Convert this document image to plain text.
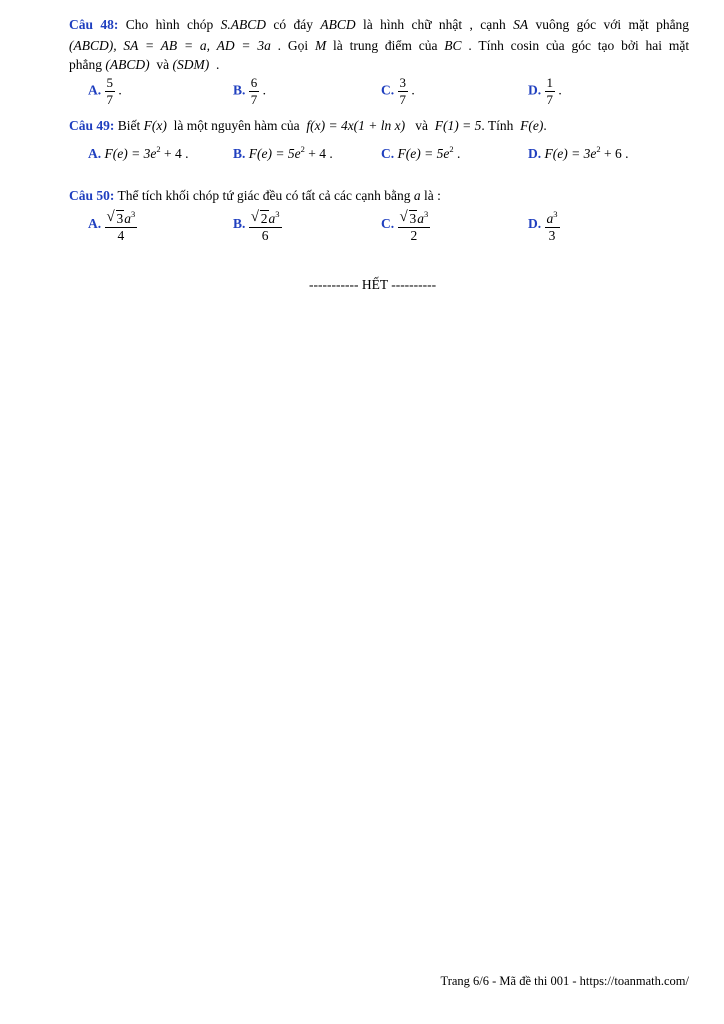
Câu 48: Cho hình chóp S.ABCD có đáy ABCD là hình chữ nhật , cạnh SA vuông góc với mặt phẳng
(ABCD), SA = AB = a, AD = 3a . Gọi M là trung điểm của BC . Tính cosin của góc tạo bởi hai mặt
phẳng (ABCD) và (SDM) .
A. $\frac{5}{7}$ .	B. $\frac{6}{7}$ .	C. $\frac{3}{7}$ .	D. $\frac{1}{7}$ .
Câu 49: Biết F(x) là một nguyên hàm của f(x) = 4x(1 + ln x) và F(1) = 5. Tính F(e).
A. $F(e) = 3e^2 + 4$ .	B. $F(e) = 5e^2 + 4$ .	C. $F(e) = 5e^2$ .	D. $F(e) = 3e^2 + 6$ .
Câu 50: Thể tích khối chóp tứ giác đều có tất cả các cạnh bằng a là :
A. $\frac{√ 3a^3}{4}$	B. $\frac{√ 2a^3}{6}$	C. $\frac{√ 3a^3}{2}$	D. $\frac{a^3}{3}$
----------- HẾT ----------
Trang 6/6 - Mã đề thi 001 - https://toanmath.com/
